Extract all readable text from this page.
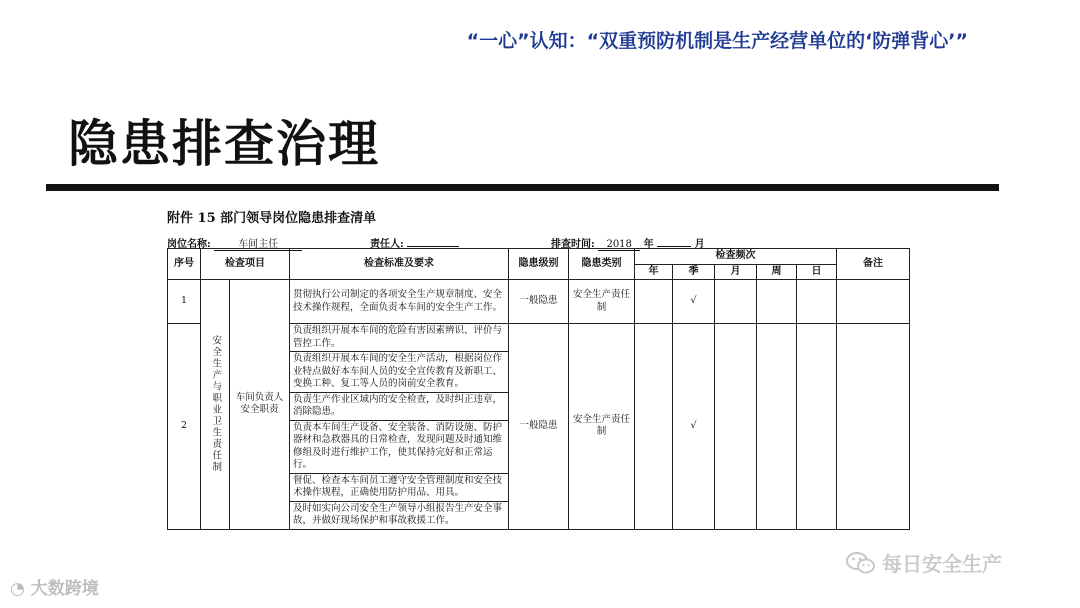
“一心”认知：“双重预防机制是生产经营单位的‘防弹背心’”
隐患排查治理
附件 15 部门领导岗位隐患排查清单
岗位名称:	车间主任	责任人:	排查时间: 2018 年	月
序号	检查项目		检查标准及要求	隐患级别	隐患类别	检查频次					备注
						年	季	月	周	日	
1	安全生产与职业卫生责任制	车间负责人安全职责	贯彻执行公司制定的各项安全生产规章制度、安全技术操作规程，全面负责本车间的安全生产工作。	一般隐患	安全生产责任制		√				
2			负责组织开展本车间的危险有害因素辨识、评价与管控工作。	一般隐患	安全生产责任制		√				
			负责组织开展本车间的安全生产活动，根据岗位作业特点做好本车间人员的安全宣传教育及新职工、变换工种、复工等人员的岗前安全教育。								
			负责生产作业区域内的安全检查，及时纠正违章，消除隐患。								
			负责本车间生产设备、安全装备、消防设施、防护器材和急救器具的日常检查，发现问题及时通知维修组及时进行维护工作，使其保持完好和正常运行。								
			督促、检查本车间员工遵守安全管理制度和安全技术操作规程，正确使用防护用品、用具。								
			及时如实向公司安全生产领导小组报告生产安全事故，并做好现场保护和事故救援工作。								
◔ 大数跨境
每日安全生产
